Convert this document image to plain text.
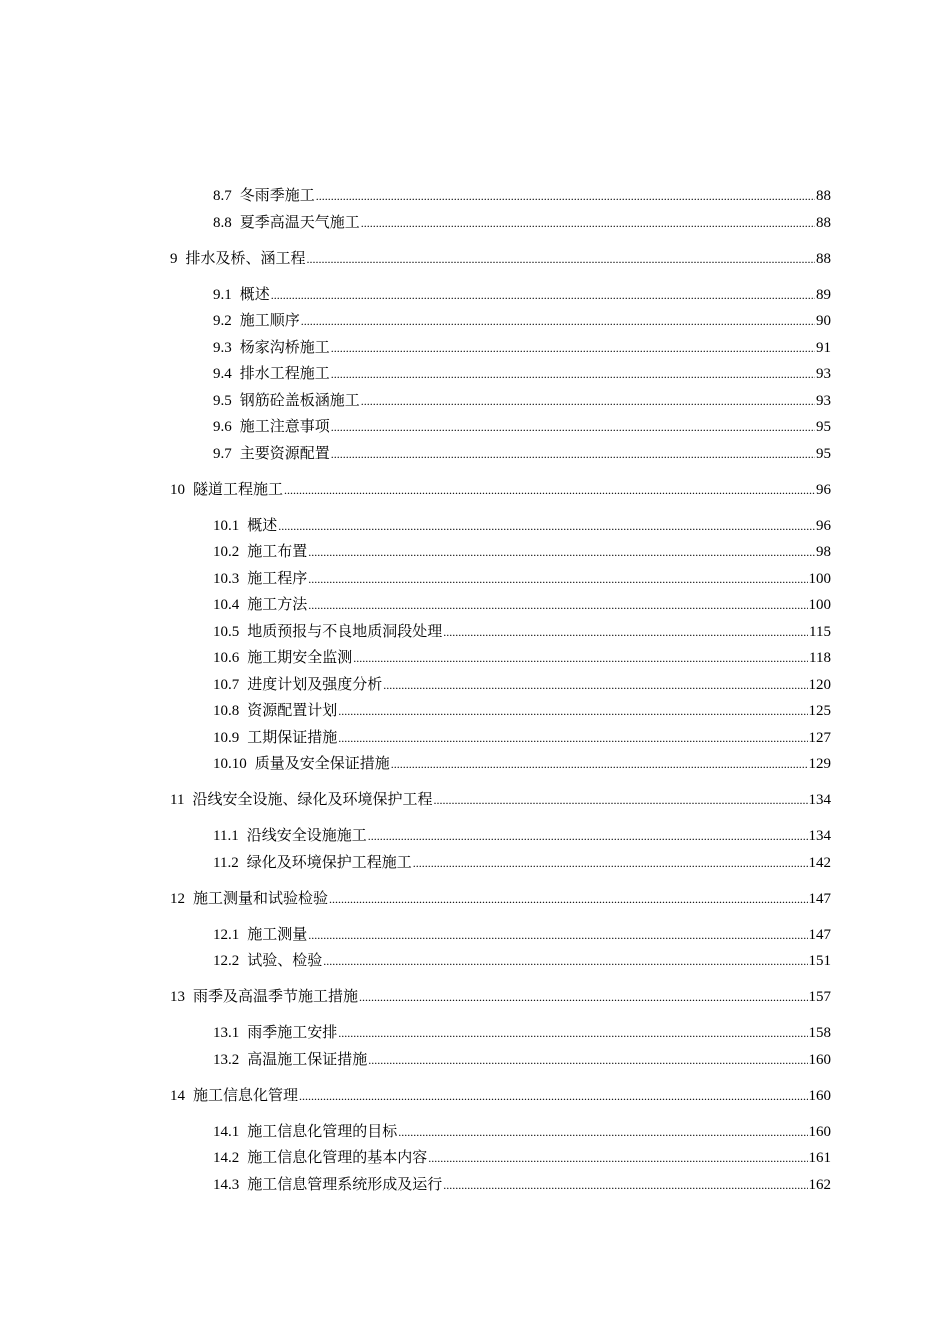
8.7 冬雨季施工 .....	88
8.8 夏季高温天气施工 .....	88
9 排水及桥、涵工程 .....	88
9.1 概述 .....	89
9.2 施工顺序 .....	90
9.3 杨家沟桥施工 .....	91
9.4 排水工程施工 .....	93
9.5 钢筋砼盖板涵施工 .....	93
9.6 施工注意事项 .....	95
9.7 主要资源配置 .....	95
10 隧道工程施工 .....	96
10.1 概述 .....	96
10.2 施工布置 .....	98
10.3 施工程序 .....	100
10.4 施工方法 .....	100
10.5 地质预报与不良地质洞段处理 .....	115
10.6 施工期安全监测 .....	118
10.7 进度计划及强度分析 .....	120
10.8 资源配置计划 .....	125
10.9 工期保证措施 .....	127
10.10 质量及安全保证措施 .....	129
11 沿线安全设施、绿化及环境保护工程 .....	134
11.1 沿线安全设施施工 .....	134
11.2 绿化及环境保护工程施工 .....	142
12 施工测量和试验检验 .....	147
12.1 施工测量 .....	147
12.2 试验、检验 .....	151
13 雨季及高温季节施工措施 .....	157
13.1 雨季施工安排 .....	158
13.2 高温施工保证措施 .....	160
14 施工信息化管理 .....	160
14.1 施工信息化管理的目标 .....	160
14.2 施工信息化管理的基本内容 .....	161
14.3 施工信息管理系统形成及运行 .....	162
